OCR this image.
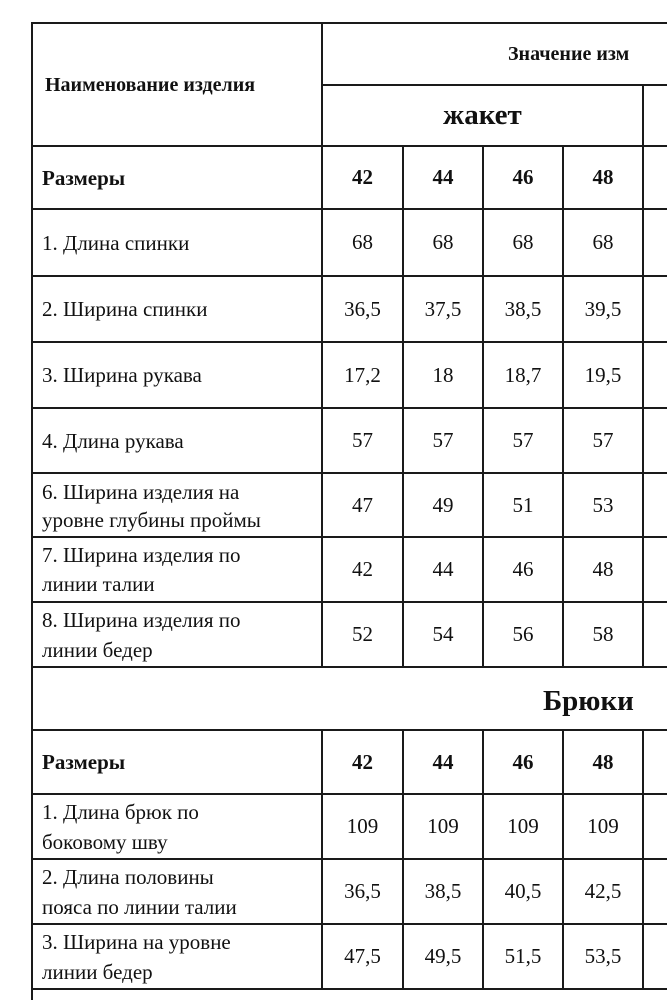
Наименование изделия
Значение изм
жакет
Размеры	42	44	46	48
1. Длина спинки	68	68	68	68
2. Ширина спинки	36,5	37,5	38,5	39,5
3. Ширина рукава	17,2	18	18,7	19,5
4. Длина рукава	57	57	57	57
6. Ширина изделия на
уровне глубины проймы
47	49	51	53
7. Ширина изделия по
линии талии
42	44	46	48
8. Ширина изделия по
линии бедер
52	54	56	58
Брюки
Размеры	42	44	46	48
1. Длина брюк по
боковому шву
109	109	109	109
2. Длина половины
пояса по линии талии
36,5	38,5	40,5	42,5
3. Ширина на уровне
линии бедер
47,5	49,5	51,5	53,5
